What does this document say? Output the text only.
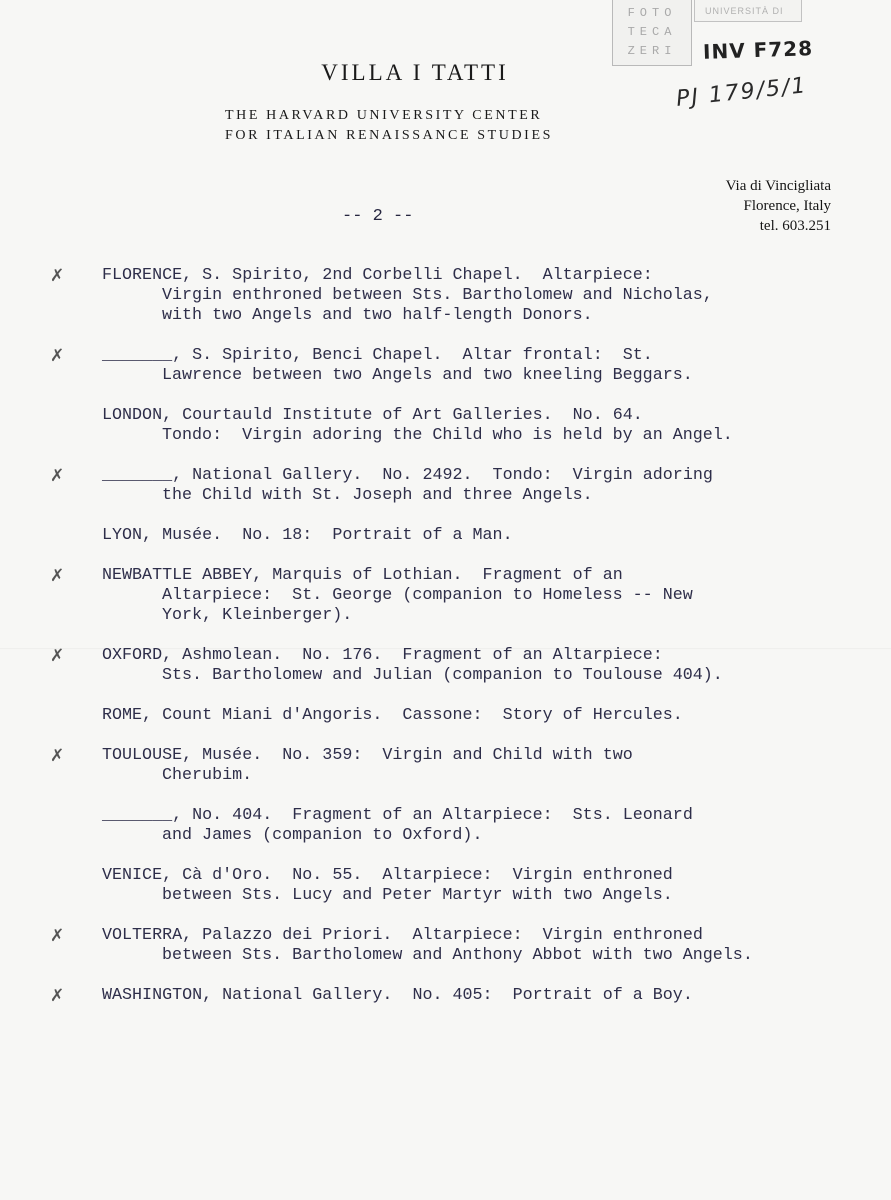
FOTO
TECA
ZERI
UNIVERSITÀ DI
INV F728
PJ 179/5/1
VILLA I TATTI
THE HARVARD UNIVERSITY CENTER
FOR ITALIAN RENAISSANCE STUDIES
Via di Vincigliata
Florence, Italy
tel. 603.251
-- 2 --
✗ FLORENCE, S. Spirito, 2nd Corbelli Chapel.  Altarpiece:
Virgin enthroned between Sts. Bartholomew and Nicholas,
with two Angels and two half-length Donors.
✗ _______, S. Spirito, Benci Chapel.  Altar frontal:  St.
Lawrence between two Angels and two kneeling Beggars.
LONDON, Courtauld Institute of Art Galleries.  No. 64.
Tondo:  Virgin adoring the Child who is held by an Angel.
✗ _______, National Gallery.  No. 2492.  Tondo:  Virgin adoring
the Child with St. Joseph and three Angels.
LYON, Musée.  No. 18:  Portrait of a Man.
✗ NEWBATTLE ABBEY, Marquis of Lothian.  Fragment of an
Altarpiece:  St. George (companion to Homeless -- New
York, Kleinberger).
✗ OXFORD, Ashmolean.  No. 176.  Fragment of an Altarpiece:
Sts. Bartholomew and Julian (companion to Toulouse 404).
ROME, Count Miani d'Angoris.  Cassone:  Story of Hercules.
✗ TOULOUSE, Musée.  No. 359:  Virgin and Child with two
Cherubim.
_______, No. 404.  Fragment of an Altarpiece:  Sts. Leonard
and James (companion to Oxford).
VENICE, Cà d'Oro.  No. 55.  Altarpiece:  Virgin enthroned
between Sts. Lucy and Peter Martyr with two Angels.
✗ VOLTERRA, Palazzo dei Priori.  Altarpiece:  Virgin enthroned
between Sts. Bartholomew and Anthony Abbot with two Angels.
✗ WASHINGTON, National Gallery.  No. 405:  Portrait of a Boy.
